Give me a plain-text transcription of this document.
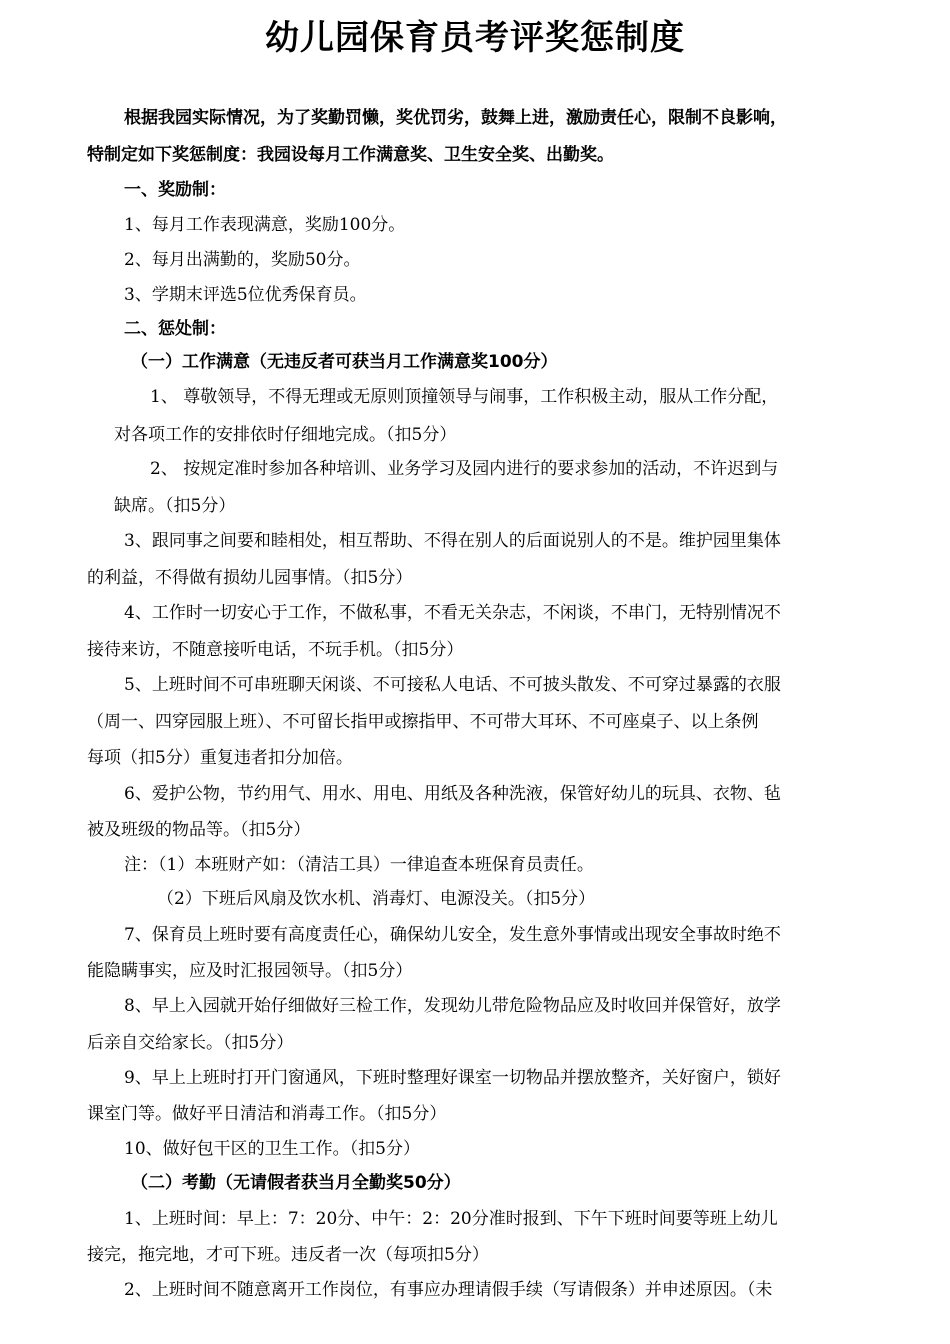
幼儿园保育员考评奖惩制度
根据我园实际情况，为了奖勤罚懒，奖优罚劣，鼓舞上进，激励责任心，限制不良影响，
特制定如下奖惩制度：我园设每月工作满意奖、卫生安全奖、出勤奖。
一、奖励制：
1、每月工作表现满意，奖励100分。
2、每月出满勤的，奖励50分。
3、学期末评选5位优秀保育员。
二、惩处制：
（一）工作满意（无违反者可获当月工作满意奖100分）
1、 尊敬领导，不得无理或无原则顶撞领导与闹事，工作积极主动，服从工作分配，
对各项工作的安排依时仔细地完成。（扣5分）
2、 按规定准时参加各种培训、业务学习及园内进行的要求参加的活动，不许迟到与
缺席。（扣5分）
3、跟同事之间要和睦相处，相互帮助、不得在别人的后面说别人的不是。维护园里集体
的利益，不得做有损幼儿园事情。（扣5分）
4、工作时一切安心于工作，不做私事，不看无关杂志，不闲谈，不串门，无特别情况不
接待来访，不随意接听电话，不玩手机。（扣5分）
5、上班时间不可串班聊天闲谈、不可接私人电话、不可披头散发、不可穿过暴露的衣服
（周一、四穿园服上班）、不可留长指甲或擦指甲、不可带大耳环、不可座桌子、以上条例
每项（扣5分）重复违者扣分加倍。
6、爱护公物，节约用气、用水、用电、用纸及各种洗液，保管好幼儿的玩具、衣物、毡
被及班级的物品等。（扣5分）
注：（1）本班财产如：（清洁工具）一律追查本班保育员责任。
（2）下班后风扇及饮水机、消毒灯、电源没关。（扣5分）
7、保育员上班时要有高度责任心，确保幼儿安全，发生意外事情或出现安全事故时绝不
能隐瞒事实，应及时汇报园领导。（扣5分）
8、早上入园就开始仔细做好三检工作，发现幼儿带危险物品应及时收回并保管好，放学
后亲自交给家长。（扣5分）
9、早上上班时打开门窗通风，下班时整理好课室一切物品并摆放整齐，关好窗户，锁好
课室门等。做好平日清洁和消毒工作。（扣5分）
10、做好包干区的卫生工作。（扣5分）
（二）考勤（无请假者获当月全勤奖50分）
1、上班时间：早上：7：20分、中午：2：20分准时报到、下午下班时间要等班上幼儿
接完，拖完地，才可下班。违反者一次（每项扣5分）
2、上班时间不随意离开工作岗位，有事应办理请假手续（写请假条）并申述原因。（未
